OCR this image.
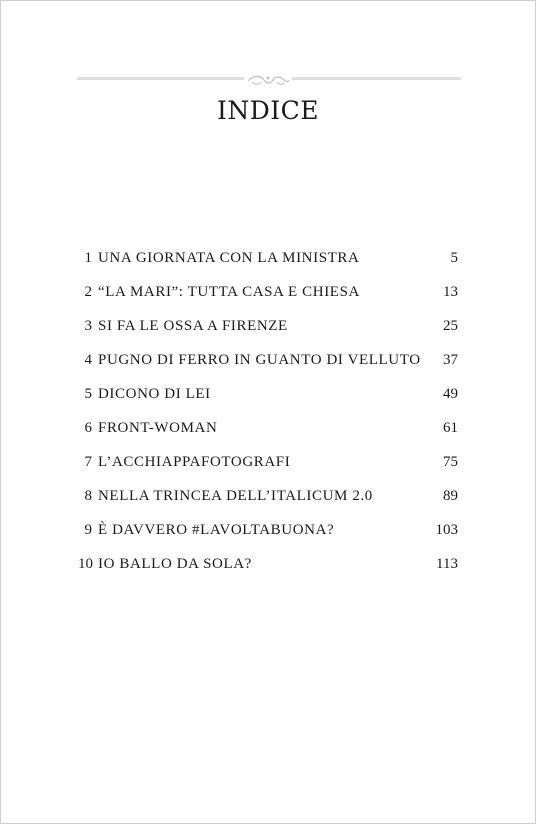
INDICE
1 UNA GIORNATA CON LA MINISTRA	5
2 “LA MARI”: TUTTA CASA E CHIESA	13
3 SI FA LE OSSA A FIRENZE	25
4 PUGNO DI FERRO IN GUANTO DI VELLUTO 37
5 DICONO DI LEI	49
6 FRONT-WOMAN	61
7 L’ACCHIAPPAFOTOGRAFI	75
8 NELLA TRINCEA DELL’ITALICUM 2.0	89
9 È DAVVERO #LAVOLTABUONA?	103
10 IO BALLO DA SOLA?	113
